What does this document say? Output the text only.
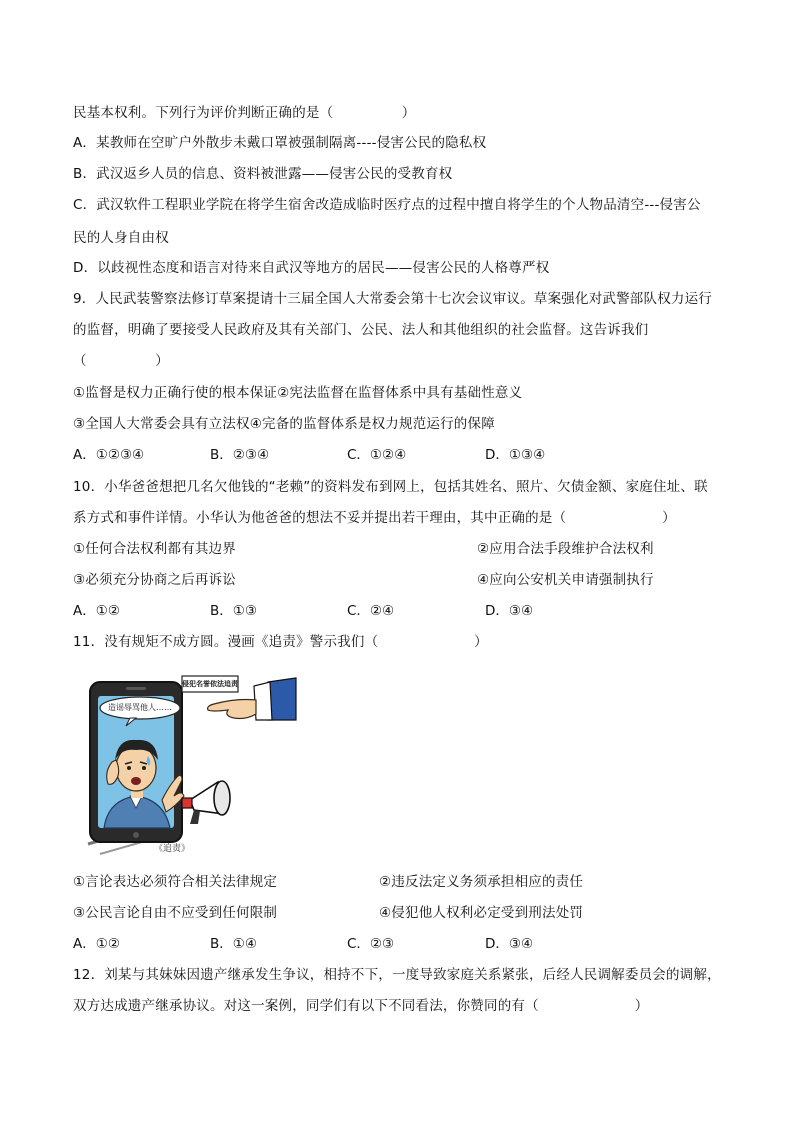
民基本权利。下列行为评价判断正确的是（　　　　　）
A．某教师在空旷户外散步未戴口罩被强制隔离----侵害公民的隐私权
B．武汉返乡人员的信息、资料被泄露——侵害公民的受教育权
C．武汉软件工程职业学院在将学生宿舍改造成临时医疗点的过程中擅自将学生的个人物品清空---侵害公
民的人身自由权
D．以歧视性态度和语言对待来自武汉等地方的居民——侵害公民的人格尊严权
9．人民武装警察法修订草案提请十三届全国人大常委会第十七次会议审议。草案强化对武警部队权力运行
的监督，明确了要接受人民政府及其有关部门、公民、法人和其他组织的社会监督。这告诉我们
（　　　　　）
①监督是权力正确行使的根本保证②宪法监督在监督体系中具有基础性意义
③全国人大常委会具有立法权④完备的监督体系是权力规范运行的保障
A．①②③④	B．②③④	C．①②④	D．①③④
10．小华爸爸想把几名欠他钱的“老赖”的资料发布到网上，包括其姓名、照片、欠债金额、家庭住址、联
系方式和事件详情。小华认为他爸爸的想法不妥并提出若干理由，其中正确的是（　　　　　　　）
①任何合法权利都有其边界	②应用合法手段维护合法权利
③必须充分协商之后再诉讼	④应向公安机关申请强制执行
A．①②	B．①③	C．②④	D．③④
11．没有规矩不成方圆。漫画《追责》警示我们（　　　　　　　）
侵犯名誉依法追责
造谣辱骂他人……
《追责》
①言论表达必须符合相关法律规定	②违反法定义务须承担相应的责任
③公民言论自由不应受到任何限制	④侵犯他人权利必定受到刑法处罚
A．①②	B．①④	C．②③	D．③④
12．刘某与其妹妹因遗产继承发生争议，相持不下，一度导致家庭关系紧张，后经人民调解委员会的调解，
双方达成遗产继承协议。对这一案例，同学们有以下不同看法，你赞同的有（　　　　　　　）
